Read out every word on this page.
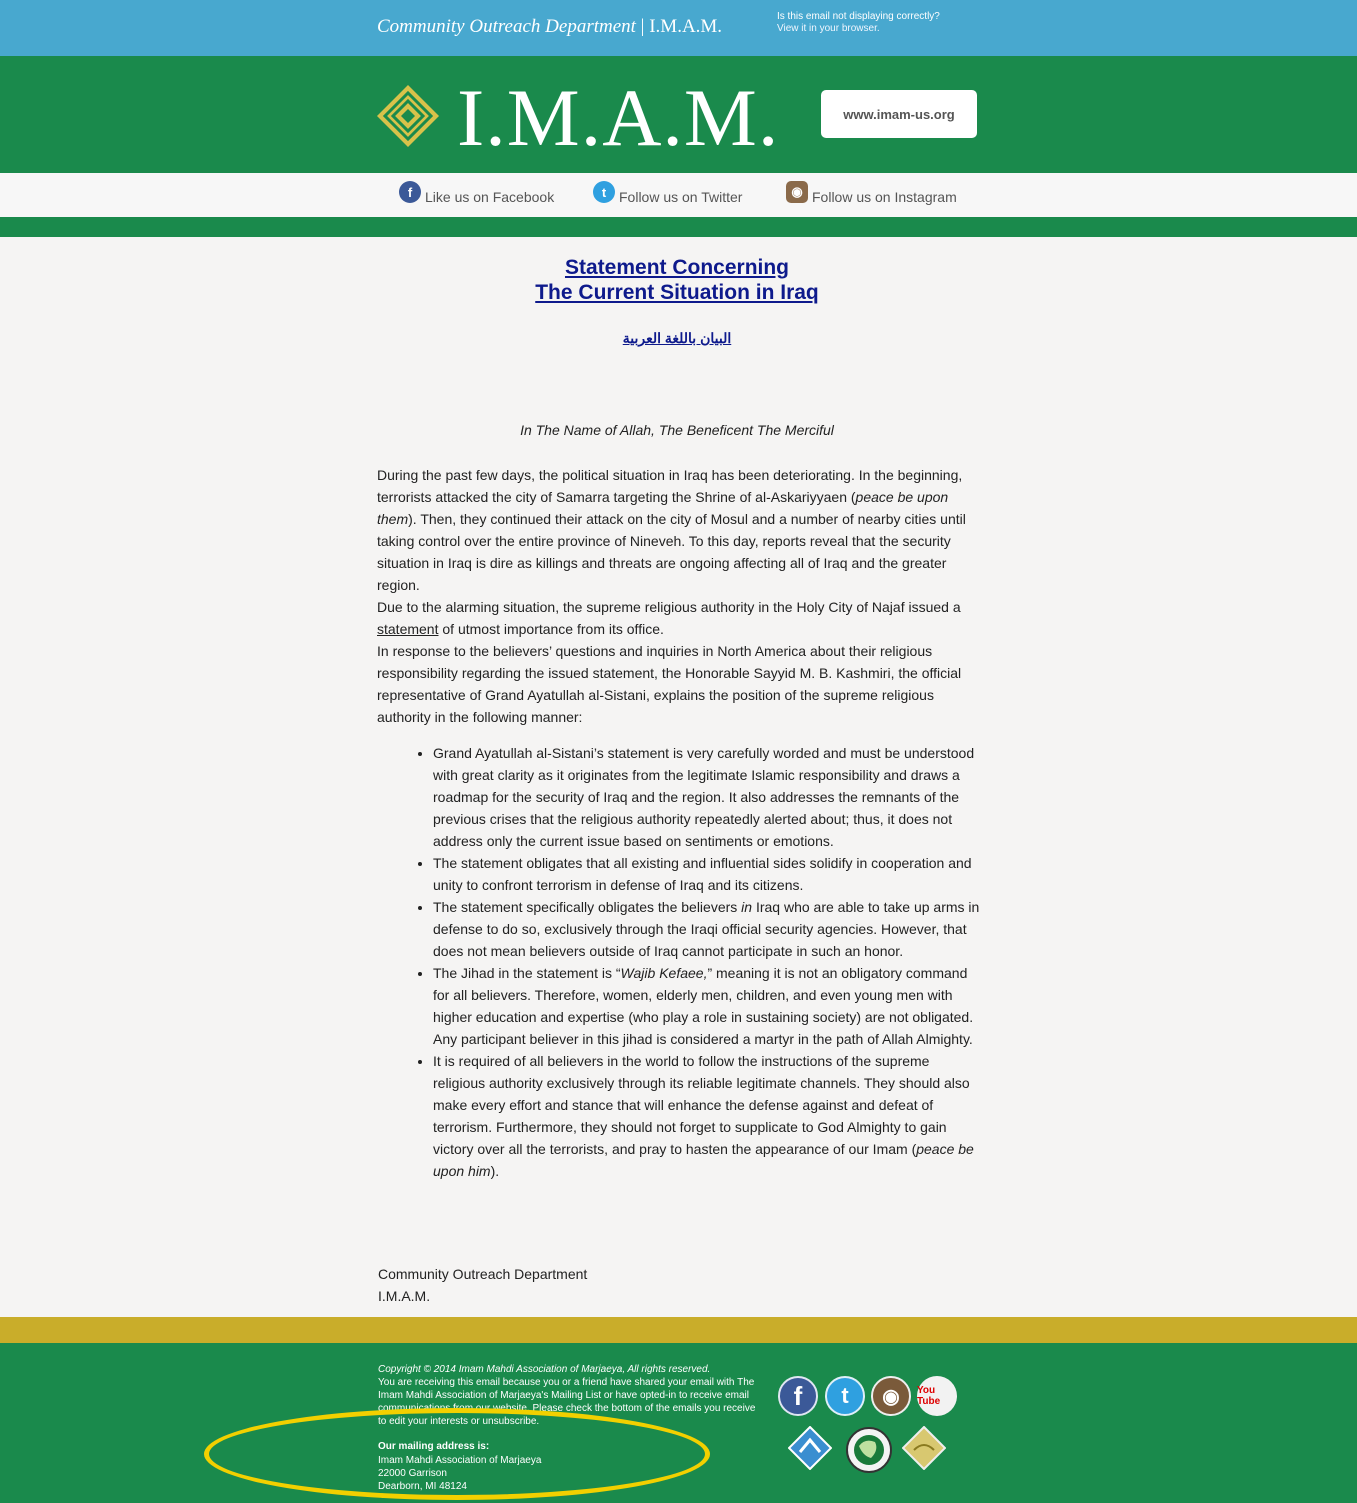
Community Outreach Department | I.M.A.M.	Is this email not displaying correctly?
View it in your browser.
I.M.A.M.	www.imam-us.org
f Like us on Facebook	t Follow us on Twitter	◉ Follow us on Instagram
Statement Concerning
The Current Situation in Iraq
البيان باللغة العربية
In The Name of Allah, The Beneficent The Merciful

During the past few days, the political situation in Iraq has been deteriorating. In the beginning, terrorists attacked the city of Samarra targeting the Shrine of al-Askariyyaen (peace be upon them). Then, they continued their attack on the city of Mosul and a number of nearby cities until taking control over the entire province of Nineveh. To this day, reports reveal that the security situation in Iraq is dire as killings and threats are ongoing affecting all of Iraq and the greater region.

Due to the alarming situation, the supreme religious authority in the Holy City of Najaf issued a statement of utmost importance from its office.

In response to the believers’ questions and inquiries in North America about their religious responsibility regarding the issued statement, the Honorable Sayyid M. B. Kashmiri, the official representative of Grand Ayatullah al-Sistani, explains the position of the supreme religious authority in the following manner:

• Grand Ayatullah al-Sistani’s statement is very carefully worded and must be understood with great clarity as it originates from the legitimate Islamic responsibility and draws a roadmap for the security of Iraq and the region. It also addresses the remnants of the previous crises that the religious authority repeatedly alerted about; thus, it does not address only the current issue based on sentiments or emotions.
• The statement obligates that all existing and influential sides solidify in cooperation and unity to confront terrorism in defense of Iraq and its citizens.
• The statement specifically obligates the believers in Iraq who are able to take up arms in defense to do so, exclusively through the Iraqi official security agencies. However, that does not mean believers outside of Iraq cannot participate in such an honor.
• The Jihad in the statement is “Wajib Kefaee,” meaning it is not an obligatory command for all believers. Therefore, women, elderly men, children, and even young men with higher education and expertise (who play a role in sustaining society) are not obligated. Any participant believer in this jihad is considered a martyr in the path of Allah Almighty.
• It is required of all believers in the world to follow the instructions of the supreme religious authority exclusively through its reliable legitimate channels. They should also make every effort and stance that will enhance the defense against and defeat of terrorism. Furthermore, they should not forget to supplicate to God Almighty to gain victory over all the terrorists, and pray to hasten the appearance of our Imam (peace be upon him).
Community Outreach Department
I.M.A.M.
Copyright © 2014 Imam Mahdi Association of Marjaeya, All rights reserved.
You are receiving this email because you or a friend have shared your email with The Imam Mahdi Association of Marjaeya's Mailing List or have opted-in to receive email communications from our website. Please check the bottom of the emails you receive to edit your interests or unsubscribe.
Our mailing address is:
Imam Mahdi Association of Marjaeya
22000 Garrison
Dearborn, MI 48124
f	t	◉	You Tube
